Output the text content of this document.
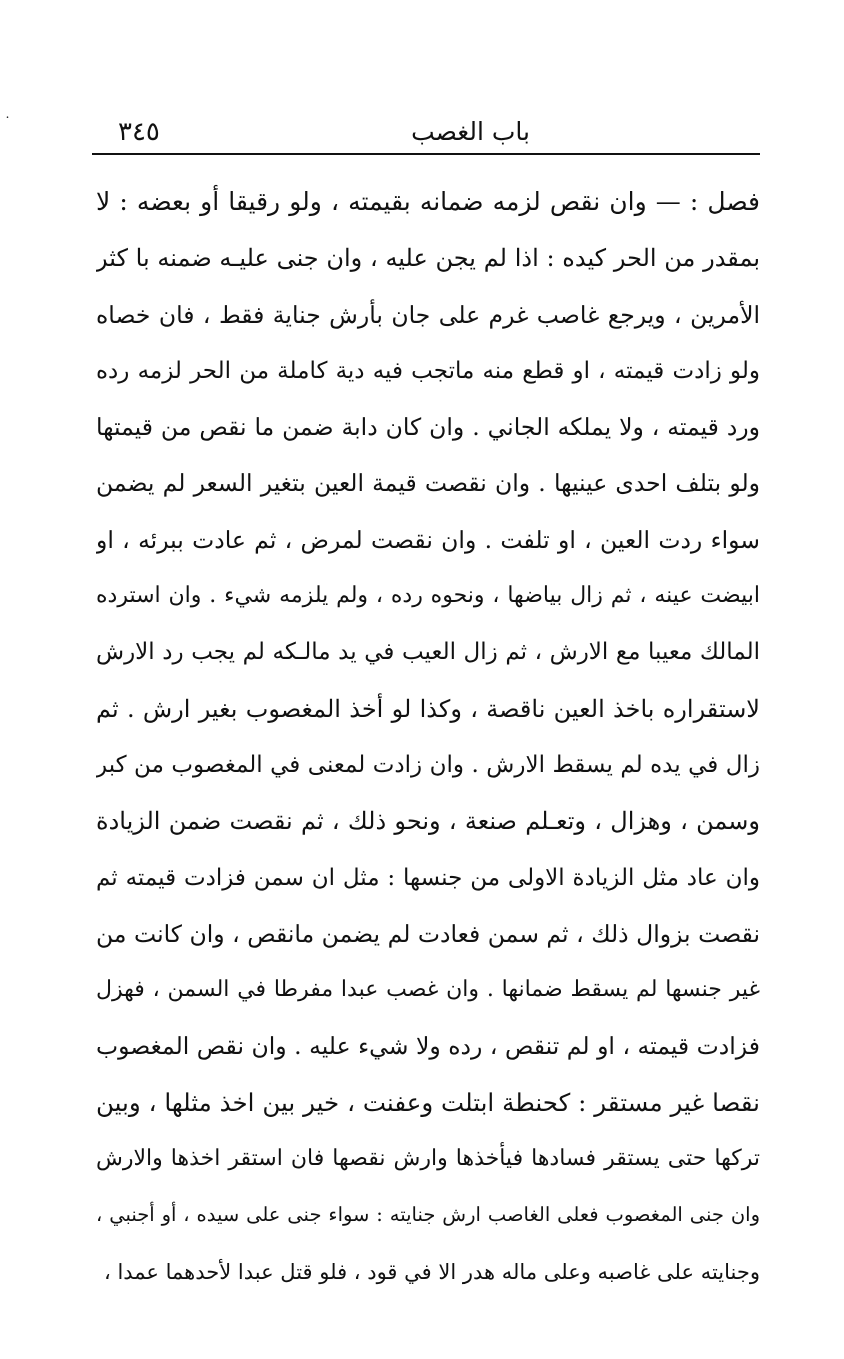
˙	باب الغصب
٣٤٥
فصل : — وان نقص لزمه ضمانه بقيمته ، ولو رقيقا أو بعضه : لا
بمقدر من الحر كيده : اذا لم يجن عليه ، وان جنى عليـه ضمنه با كثر
الأمرين ، ويرجع غاصب غرم على جان بأرش جناية فقط ، فان خصاه
ولو زادت قيمته ، او قطع منه ماتجب فيه دية كاملة من الحر لزمه رده
ورد قيمته ، ولا يملكه الجاني . وان كان دابة ضمن ما نقص من قيمتها
ولو بتلف احدى عينيها . وان نقصت قيمة العين بتغير السعر لم يضمن
سواء ردت العين ، او تلفت . وان نقصت لمرض ، ثم عادت ببرئه ، او
ابيضت عينه ، ثم زال بياضها ، ونحوه رده ، ولم يلزمه شيء . وان استرده
المالك معيبا مع الارش ، ثم زال العيب في يد مالـكه لم يجب رد الارش
لاستقراره باخذ العين ناقصة ، وكذا لو أخذ المغصوب بغير ارش . ثم
زال في يده لم يسقط الارش . وان زادت لمعنى في المغصوب من كبر
وسمن ، وهزال ، وتعـلم صنعة ، ونحو ذلك ، ثم نقصت ضمن الزيادة
وان عاد مثل الزيادة الاولى من جنسها : مثل ان سمن فزادت قيمته ثم
نقصت بزوال ذلك ، ثم سمن فعادت لم يضمن مانقص ، وان كانت من
غير جنسها لم يسقط ضمانها . وان غصب عبدا مفرطا في السمن ، فهزل
فزادت قيمته ، او لم تنقص ، رده ولا شيء عليه . وان نقص المغصوب
نقصا غير مستقر : كحنطة ابتلت وعفنت ، خير بين اخذ مثلها ، وبين
تركها حتى يستقر فسادها فيأخذها وارش نقصها فان استقر اخذها والارش
وان جنى المغصوب فعلى الغاصب ارش جنايته : سواء جنى على سيده ، أو أجنبي ،
وجنايته على غاصبه وعلى ماله هدر الا في قود ، فلو قتل عبدا لأحدهما عمدا ،
